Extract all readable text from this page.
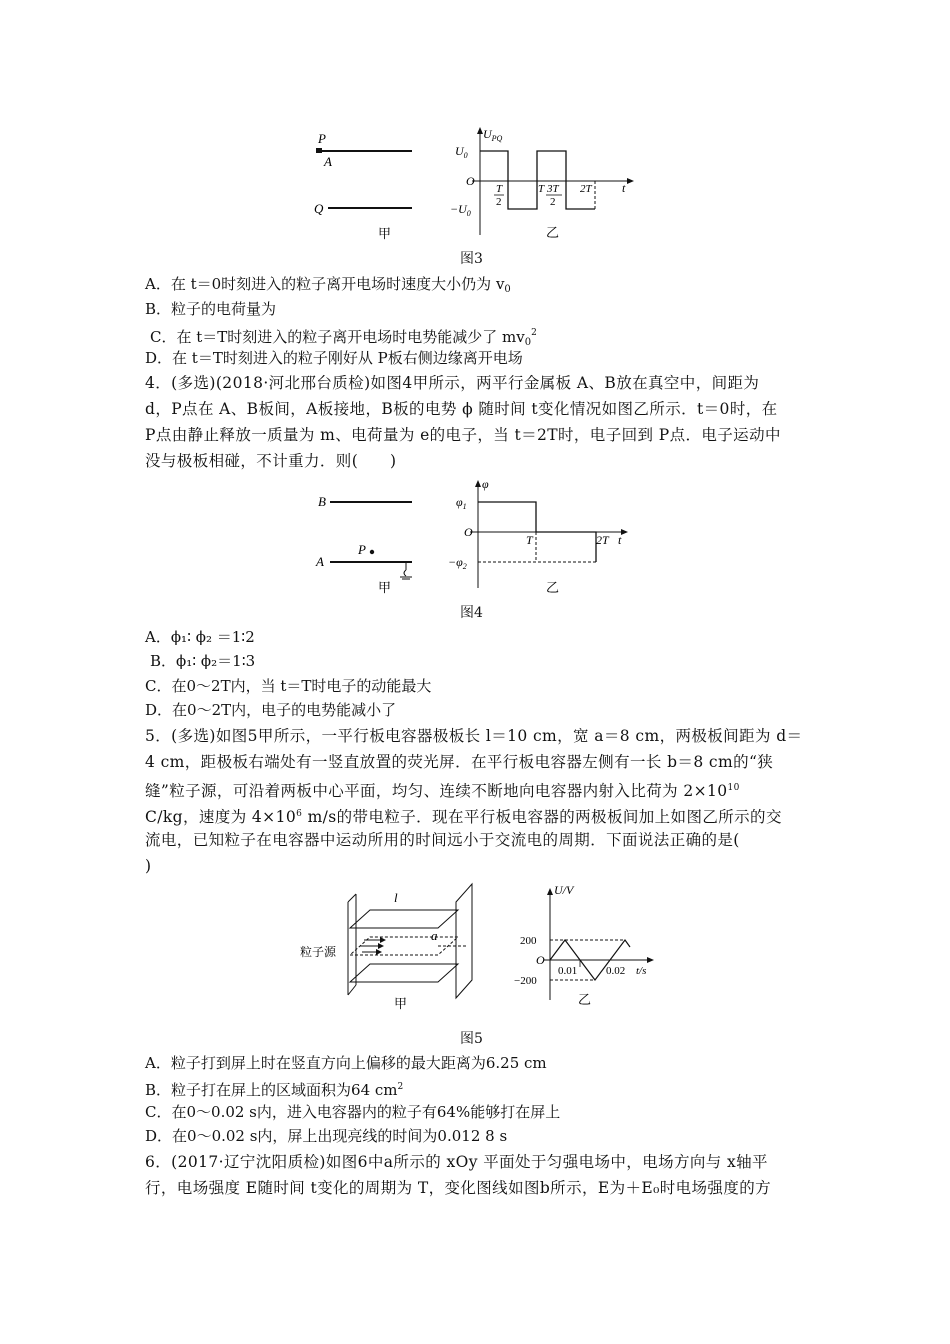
P
A
Q
甲
$U_{PQ}$
$U_0$
O
$-U_0$
T
2
T 3T
2
2T	t
乙
图3
A．在 t＝0时刻进入的粒子离开电场时速度大小仍为 $v_0$
B．粒子的电荷量为
C．在 t＝T时刻进入的粒子离开电场时电势能减少了 $mv_0^2$
D．在 t＝T时刻进入的粒子刚好从 P板右侧边缘离开电场
4．(多选)(2018·河北邢台质检)如图4甲所示，两平行金属板 A、B放在真空中，间距为
d，P点在 A、B板间，A板接地，B板的电势 ϕ 随时间 t变化情况如图乙所示．t＝0时，在
P点由静止释放一质量为 m、电荷量为 e的电子，当 t＝2T时，电子回到 P点．电子运动中
没与极板相碰，不计重力．则(　　)
B
A
P
甲
φ
$\varphi_1$
O
$-\varphi_2$
T	2T t
乙
图4
A．ϕ₁∶ ϕ₂ ＝1∶2
B．ϕ₁∶ ϕ₂＝1∶3
C．在0～2T内，当 t＝T时电子的动能最大
D．在0～2T内，电子的电势能减小了
5．(多选)如图5甲所示，一平行板电容器极板长 l＝10 cm，宽 a＝8 cm，两极板间距为 d＝
4 cm，距极板右端处有一竖直放置的荧光屏．在平行板电容器左侧有一长 b＝8 cm的“狭
缝”粒子源，可沿着两板中心平面，均匀、连续不断地向电容器内射入比荷为 $2\times 10^{10}$
C/kg，速度为 $4\times 10^6$ m/s的带电粒子．现在平行板电容器的两极板间加上如图乙所示的交
流电，已知粒子在电容器中运动所用的时间远小于交流电的周期．下面说法正确的是(
)
l
a
粒子源
甲
U/V
200
O
−200
0.01	0.02 t/s
乙
图5
A．粒子打到屏上时在竖直方向上偏移的最大距离为6.25 cm
B．粒子打在屏上的区域面积为64 $cm^2$
C．在0～0.02 s内，进入电容器内的粒子有64%能够打在屏上
D．在0～0.02 s内，屏上出现亮线的时间为0.012 8 s
6．(2017·辽宁沈阳质检)如图6中a所示的 xOy 平面处于匀强电场中，电场方向与 x轴平
行，电场强度 E随时间 t变化的周期为 T，变化图线如图b所示，E为＋E₀时电场强度的方
